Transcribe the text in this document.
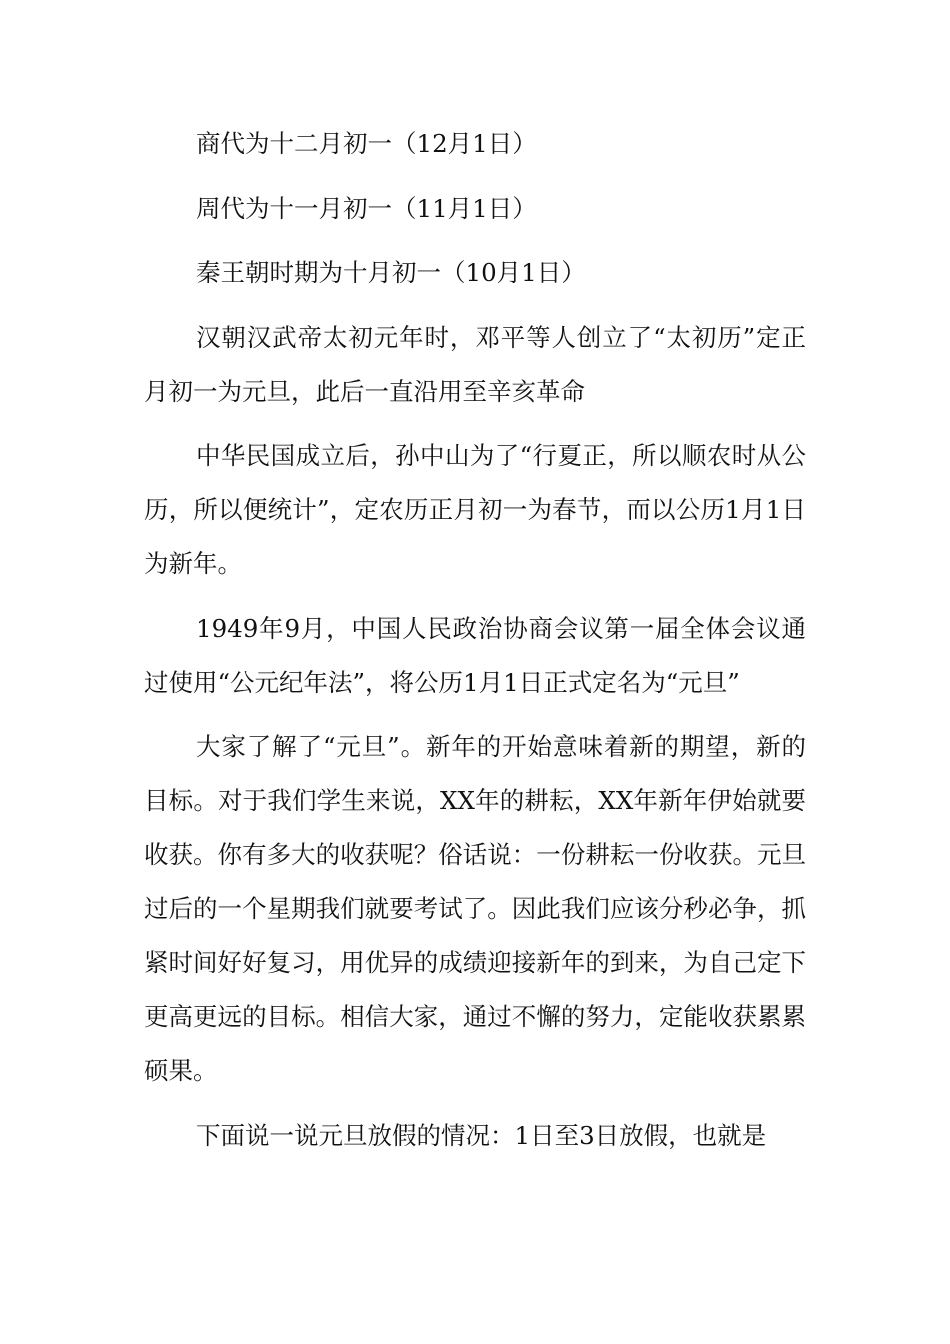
商代为十二月初一（12月1日）

周代为十一月初一（11月1日）

秦王朝时期为十月初一（10月1日）

汉朝汉武帝太初元年时，邓平等人创立了“太初历”定正月初一为元旦，此后一直沿用至辛亥革命

中华民国成立后，孙中山为了“行夏正，所以顺农时从公历，所以便统计”，定农历正月初一为春节，而以公历1月1日为新年。

1949年9月，中国人民政治协商会议第一届全体会议通过使用“公元纪年法”，将公历1月1日正式定名为“元旦”

大家了解了“元旦”。新年的开始意味着新的期望，新的目标。对于我们学生来说，XX年的耕耘，XX年新年伊始就要收获。你有多大的收获呢？俗话说：一份耕耘一份收获。元旦过后的一个星期我们就要考试了。因此我们应该分秒必争，抓紧时间好好复习，用优异的成绩迎接新年的到来，为自己定下更高更远的目标。相信大家，通过不懈的努力，定能收获累累硕果。

下面说一说元旦放假的情况：1日至3日放假，也就是
